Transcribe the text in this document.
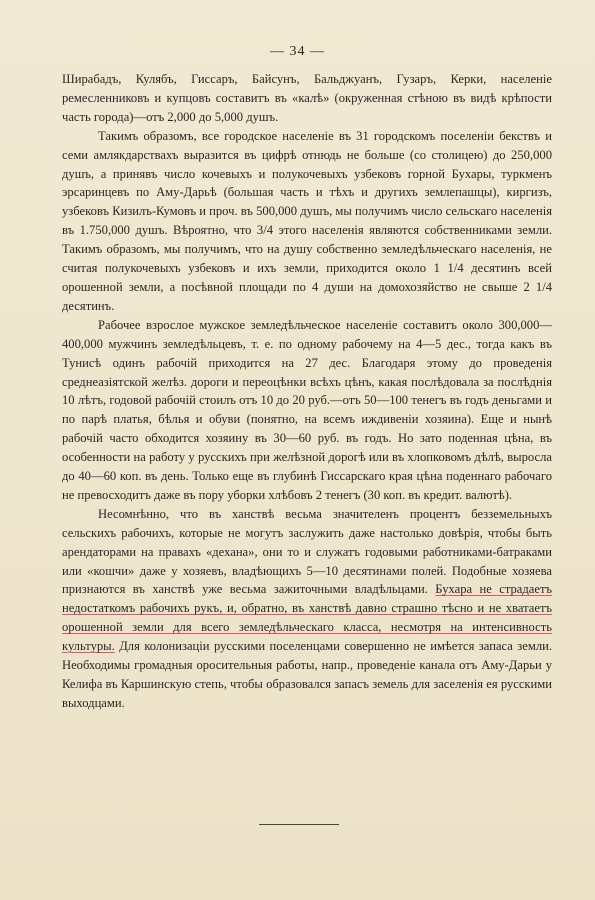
— 34 —

Ширабадъ, Кулябъ, Гиссаръ, Байсунъ, Бальджуанъ, Гузаръ, Керки, населеніе ремесленниковъ и купцовъ составитъ въ «калѣ» (окруженная стѣною въ видѣ крѣпости часть города)—отъ 2,000 до 5,000 душъ.

Такимъ образомъ, все городское населеніе въ 31 городскомъ поселеніи бекствъ и семи амлякдарствахъ выразится въ цифрѣ отнюдь не больше (со столицею) до 250,000 душъ, а принявъ число кочевыхъ и полукочевыхъ узбековъ горной Бухары, туркменъ эрсаринцевъ по Аму-Дарьѣ (большая часть и тѣхъ и другихъ землепашцы), киргизъ, узбековъ Кизилъ-Кумовъ и проч. въ 500,000 душъ, мы получимъ число сельскаго населенія въ 1.750,000 душъ. Вѣроятно, что 3/4 этого населенія являются собственниками земли. Такимъ образомъ, мы получимъ, что на душу собственно земледѣльческаго населенія, не считая полукочевыхъ узбековъ и ихъ земли, приходится около 1 1/4 десятинъ всей орошенной земли, а посѣвной площади по 4 души на домохозяйство не свыше 2 1/4 десятинъ.

Рабочее взрослое мужское земледѣльческое населеніе составитъ около 300,000—400,000 мужчинъ земледѣльцевъ, т. е. по одному рабочему на 4—5 дес., тогда какъ въ Тунисѣ одинъ рабочій приходится на 27 дес. Благодаря этому до проведенія среднеазіятской желѣз. дороги и переоцѣнки всѣхъ цѣнъ, какая послѣдовала за послѣднія 10 лѣтъ, годовой рабочій стоилъ отъ 10 до 20 руб.—отъ 50—100 тенегъ въ годъ деньгами и по парѣ платья, бѣлья и обуви (понятно, на всемъ иждивеніи хозяина). Еще и нынѣ рабочій часто обходится хозяину въ 30—60 руб. въ годъ. Но зато поденная цѣна, въ особенности на работу у русскихъ при желѣзной дорогѣ или въ хлопковомъ дѣлѣ, выросла до 40—60 коп. въ день. Только еще въ глубинѣ Гиссарскаго края цѣна поденнаго рабочаго не превосходитъ даже въ пору уборки хлѣбовъ 2 тенегъ (30 коп. въ кредит. валютѣ).

Несомнѣнно, что въ ханствѣ весьма значителенъ процентъ безземельныхъ сельскихъ рабочихъ, которые не могутъ заслужить даже настолько довѣрія, чтобы быть арендаторами на правахъ «дехана», они то и служатъ годовыми работниками-батраками или «кошчи» даже у хозяевъ, владѣющихъ 5—10 десятинами полей. Подобные хозяева признаются въ ханствѣ уже весьма зажиточными владѣльцами. Бухара не страдаетъ недостаткомъ рабочихъ рукъ, и, обратно, въ ханствѣ давно страшно тѣсно и не хватаетъ орошенной земли для всего земледѣльческаго класса, несмотря на интенсивность культуры. Для колонизаціи русскими поселенцами совершенно не имѣется запаса земли. Необходимы громадныя оросительныя работы, напр., проведеніе канала отъ Аму-Дарьи у Келифа въ Каршинскую степь, чтобы образовался запасъ земель для заселенія ея русскими выходцами.
